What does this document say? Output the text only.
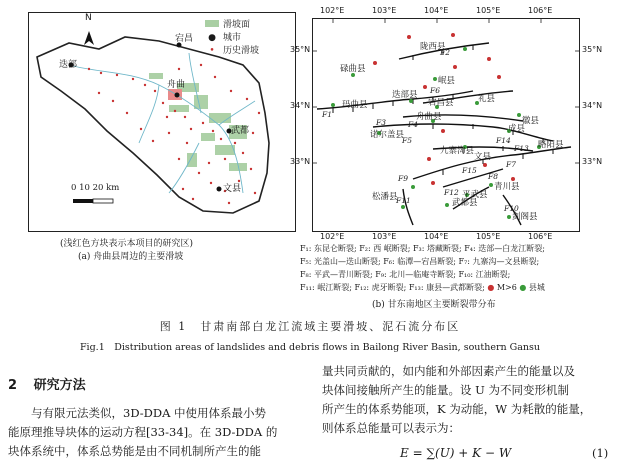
N
滑坡面
● 城市
• 历史滑坡
迭部
宕昌
舟曲
武都
文县
0 10 20 km
(浅红色方块表示本项目的研究区)
(a) 舟曲县周边的主要滑坡
102°E	103°E	104°E	105°E	106°E
102°E	103°E	104°E	105°E	106°E
35°N
34°N
33°N
35°N
34°N
33°N
陇西县
碌曲县
岷县
迭部县
宕昌县	礼县
玛曲县
舟曲县	徽县
诺尔盖县
成县
九寨沟县
略阳县
文县
松潘县
武都县
青川县
平武县
剑阁县
F1
F2
F3	F4
F5
F6
F7
F8
F9
F10
F11
F12
F13
F14
F15
F₁: 东昆仑断裂; F₂: 西 岷断裂; F₃: 塔藏断裂; F₄: 迭部—白龙江断裂;
F₅: 光盖山—迭山断裂; F₆: 临潭—宕昌断裂; F₇: 九寨沟—文县断裂;
F₈: 平武—青川断裂; F₉: 北川—临庵寺断裂; F₁₀: 江油断裂;
F₁₁: 岷江断裂; F₁₂: 虎牙断裂; F₁₃: 康县—武都断裂; ● M>6 ● 县城
(b) 甘东南地区主要断裂带分布
图 1　甘肃南部白龙江流域主要滑坡、泥石流分布区
Fig.1　Distribution areas of landslides and debris flows in Bailong River Basin, southern Gansu
2 研究方法
与有限元法类似，3D-DDA 中使用体系最小势
能原理推导块体的运动方程[33-34]。在 3D-DDA 的
块体系统中，体系总势能是由不同机制所产生的能
量共同贡献的，如内能和外部因素产生的能量以及
块体间接触所产生的能量。设 U 为不同变形机制
所产生的体系势能项，K 为动能，W 为耗散的能量，
则体系总能量可以表示为：
E = ∑(U) + K − W	(1)
